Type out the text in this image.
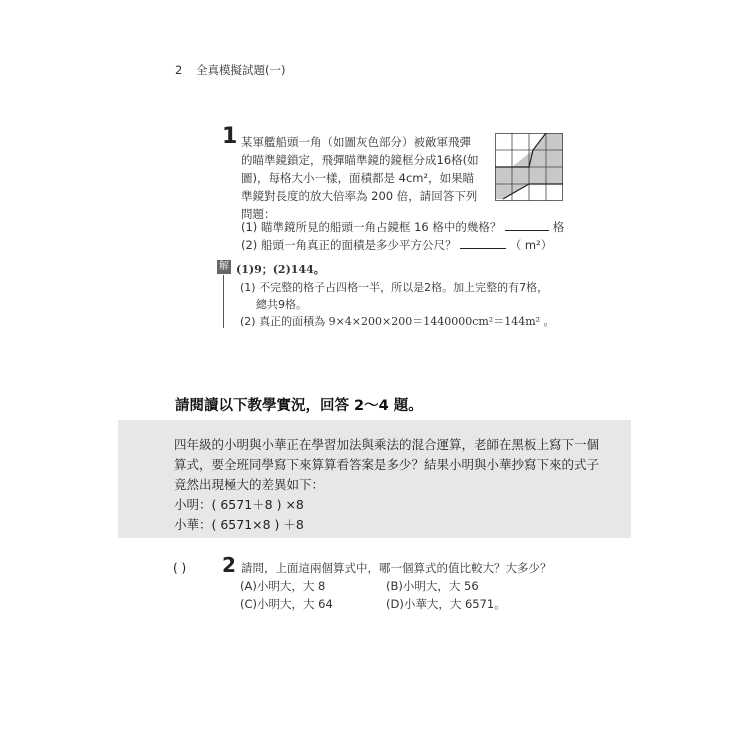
2 全真模擬試題(一)
1 某軍艦船頭一角（如圖灰色部分）被敵軍飛彈
的瞄準鏡鎖定，飛彈瞄準鏡的鏡框分成16格(如
圖)，每格大小一樣，面積都是 4cm²，如果瞄
準鏡對長度的放大倍率為 200 倍，請回答下列
問題：
(1) 瞄準鏡所見的船頭一角占鏡框 16 格中的幾格？	格
(2) 船頭一角真正的面積是多少平方公尺？	（ m²）
解 (1)9；(2)144。
(1) 不完整的格子占四格一半，所以是2格。加上完整的有7格，
總共9格。
(2) 真正的面積為 9×4×200×200＝1440000cm²＝144m² 。
請閱讀以下教學實況，回答 2～4 題。
四年級的小明與小華正在學習加法與乘法的混合運算，老師在黑板上寫下一個
算式，要全班同學寫下來算算看答案是多少？結果小明與小華抄寫下來的式子
竟然出現極大的差異如下：
小明：( 6571＋8 ) ×8
小華：( 6571×8 ) ＋8
( ) 2 請問，上面這兩個算式中，哪一個算式的值比較大？大多少？
(A)小明大，大 8	(B)小明大，大 56
(C)小明大，大 64	(D)小華大，大 6571。
